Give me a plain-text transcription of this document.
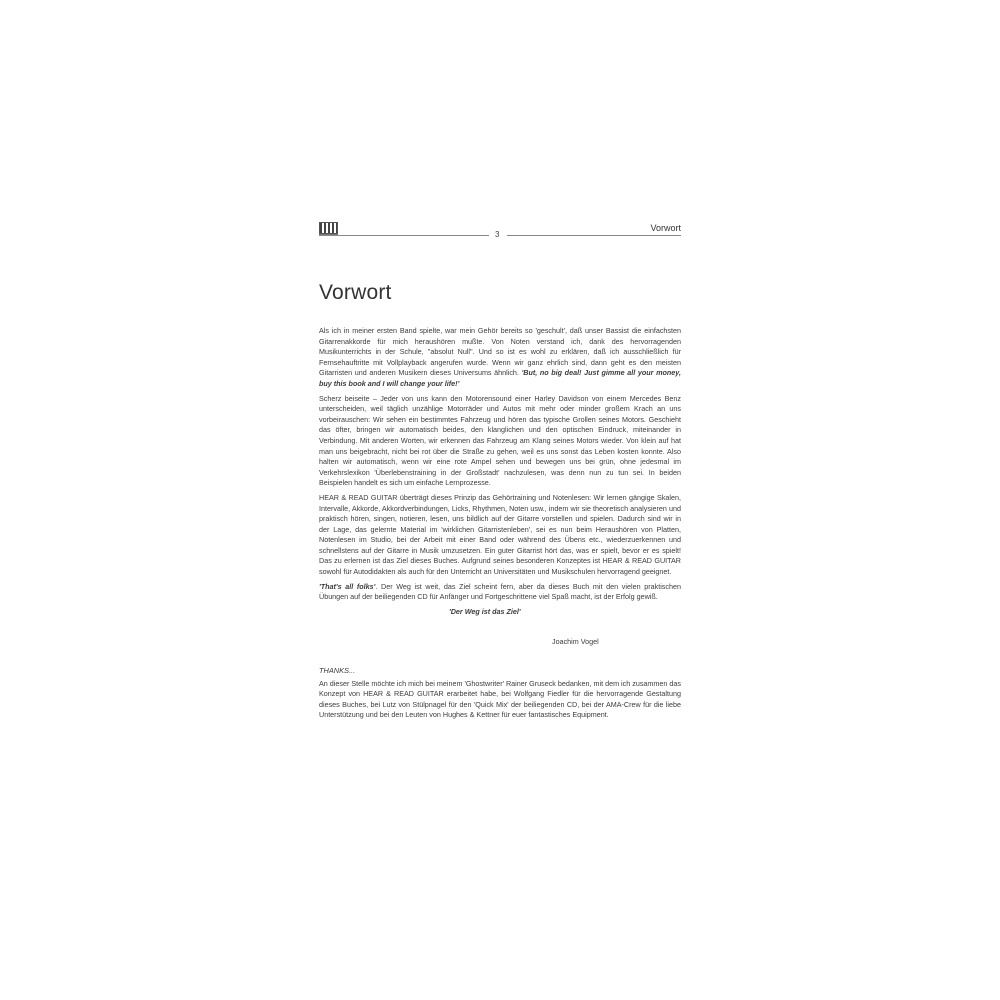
3
Vorwort
Vorwort

Als ich in meiner ersten Band spielte, war mein Gehör bereits so 'geschult', daß unser Bassist die einfachsten Gitarrenakkorde für mich heraushören mußte. Von Noten verstand ich, dank des hervorragenden Musikunterrichts in der Schule, "absolut Null". Und so ist es wohl zu erklären, daß ich ausschließlich für Fernsehauftritte mit Vollplayback angerufen wurde. Wenn wir ganz ehrlich sind, dann geht es den meisten Gitarristen und anderen Musikern dieses Universums ähnlich. 'But, no big deal! Just gimme all your money, buy this book and I will change your life!'

Scherz beiseite – Jeder von uns kann den Motorensound einer Harley Davidson von einem Mercedes Benz unterscheiden, weil täglich unzählige Motorräder und Autos mit mehr oder minder großem Krach an uns vorbeirauschen: Wir sehen ein bestimmtes Fahrzeug und hören das typische Grollen seines Motors. Geschieht das öfter, bringen wir automatisch beides, den klanglichen und den optischen Eindruck, miteinander in Verbindung. Mit anderen Worten, wir erkennen das Fahrzeug am Klang seines Motors wieder. Von klein auf hat man uns beigebracht, nicht bei rot über die Straße zu gehen, weil es uns sonst das Leben kosten konnte. Also halten wir automatisch, wenn wir eine rote Ampel sehen und bewegen uns bei grün, ohne jedesmal im Verkehrslexikon 'Überlebenstraining in der Großstadt' nachzulesen, was denn nun zu tun sei. In beiden Beispielen handelt es sich um einfache Lernprozesse.

HEAR & READ GUITAR überträgt dieses Prinzip das Gehörtraining und Notenlesen: Wir lernen gängige Skalen, Intervalle, Akkorde, Akkordverbindungen, Licks, Rhythmen, Noten usw., indem wir sie theoretisch analysieren und praktisch hören, singen, notieren, lesen, uns bildlich auf der Gitarre vorstellen und spielen. Dadurch sind wir in der Lage, das gelernte Material im 'wirklichen Gitarristenleben', sei es nun beim Heraushören von Platten, Notenlesen im Studio, bei der Arbeit mit einer Band oder während des Übens etc., wiederzuerkennen und schnellstens auf der Gitarre in Musik umzusetzen. Ein guter Gitarrist hört das, was er spielt, bevor er es spielt! Das zu erlernen ist das Ziel dieses Buches. Aufgrund seines besonderen Konzeptes ist HEAR & READ GUITAR sowohl für Autodidakten als auch für den Unterricht an Universitäten und Musikschulen hervorragend geeignet.

'That's all folks'. Der Weg ist weit, das Ziel scheint fern, aber da dieses Buch mit den vielen praktischen Übungen auf der beiliegenden CD für Anfänger und Fortgeschrittene viel Spaß macht, ist der Erfolg gewiß.

'Der Weg ist das Ziel'

Joachim Vogel

THANKS...

An dieser Stelle möchte ich mich bei meinem 'Ghostwriter' Rainer Gruseck bedanken, mit dem ich zusammen das Konzept von HEAR & READ GUITAR erarbeitet habe, bei Wolfgang Fiedler für die hervorragende Gestaltung dieses Buches, bei Lutz von Stülpnagel für den 'Quick Mix' der beiliegenden CD, bei der AMA-Crew für die liebe Unterstützung und bei den Leuten von Hughes & Kettner für euer fantastisches Equipment.
